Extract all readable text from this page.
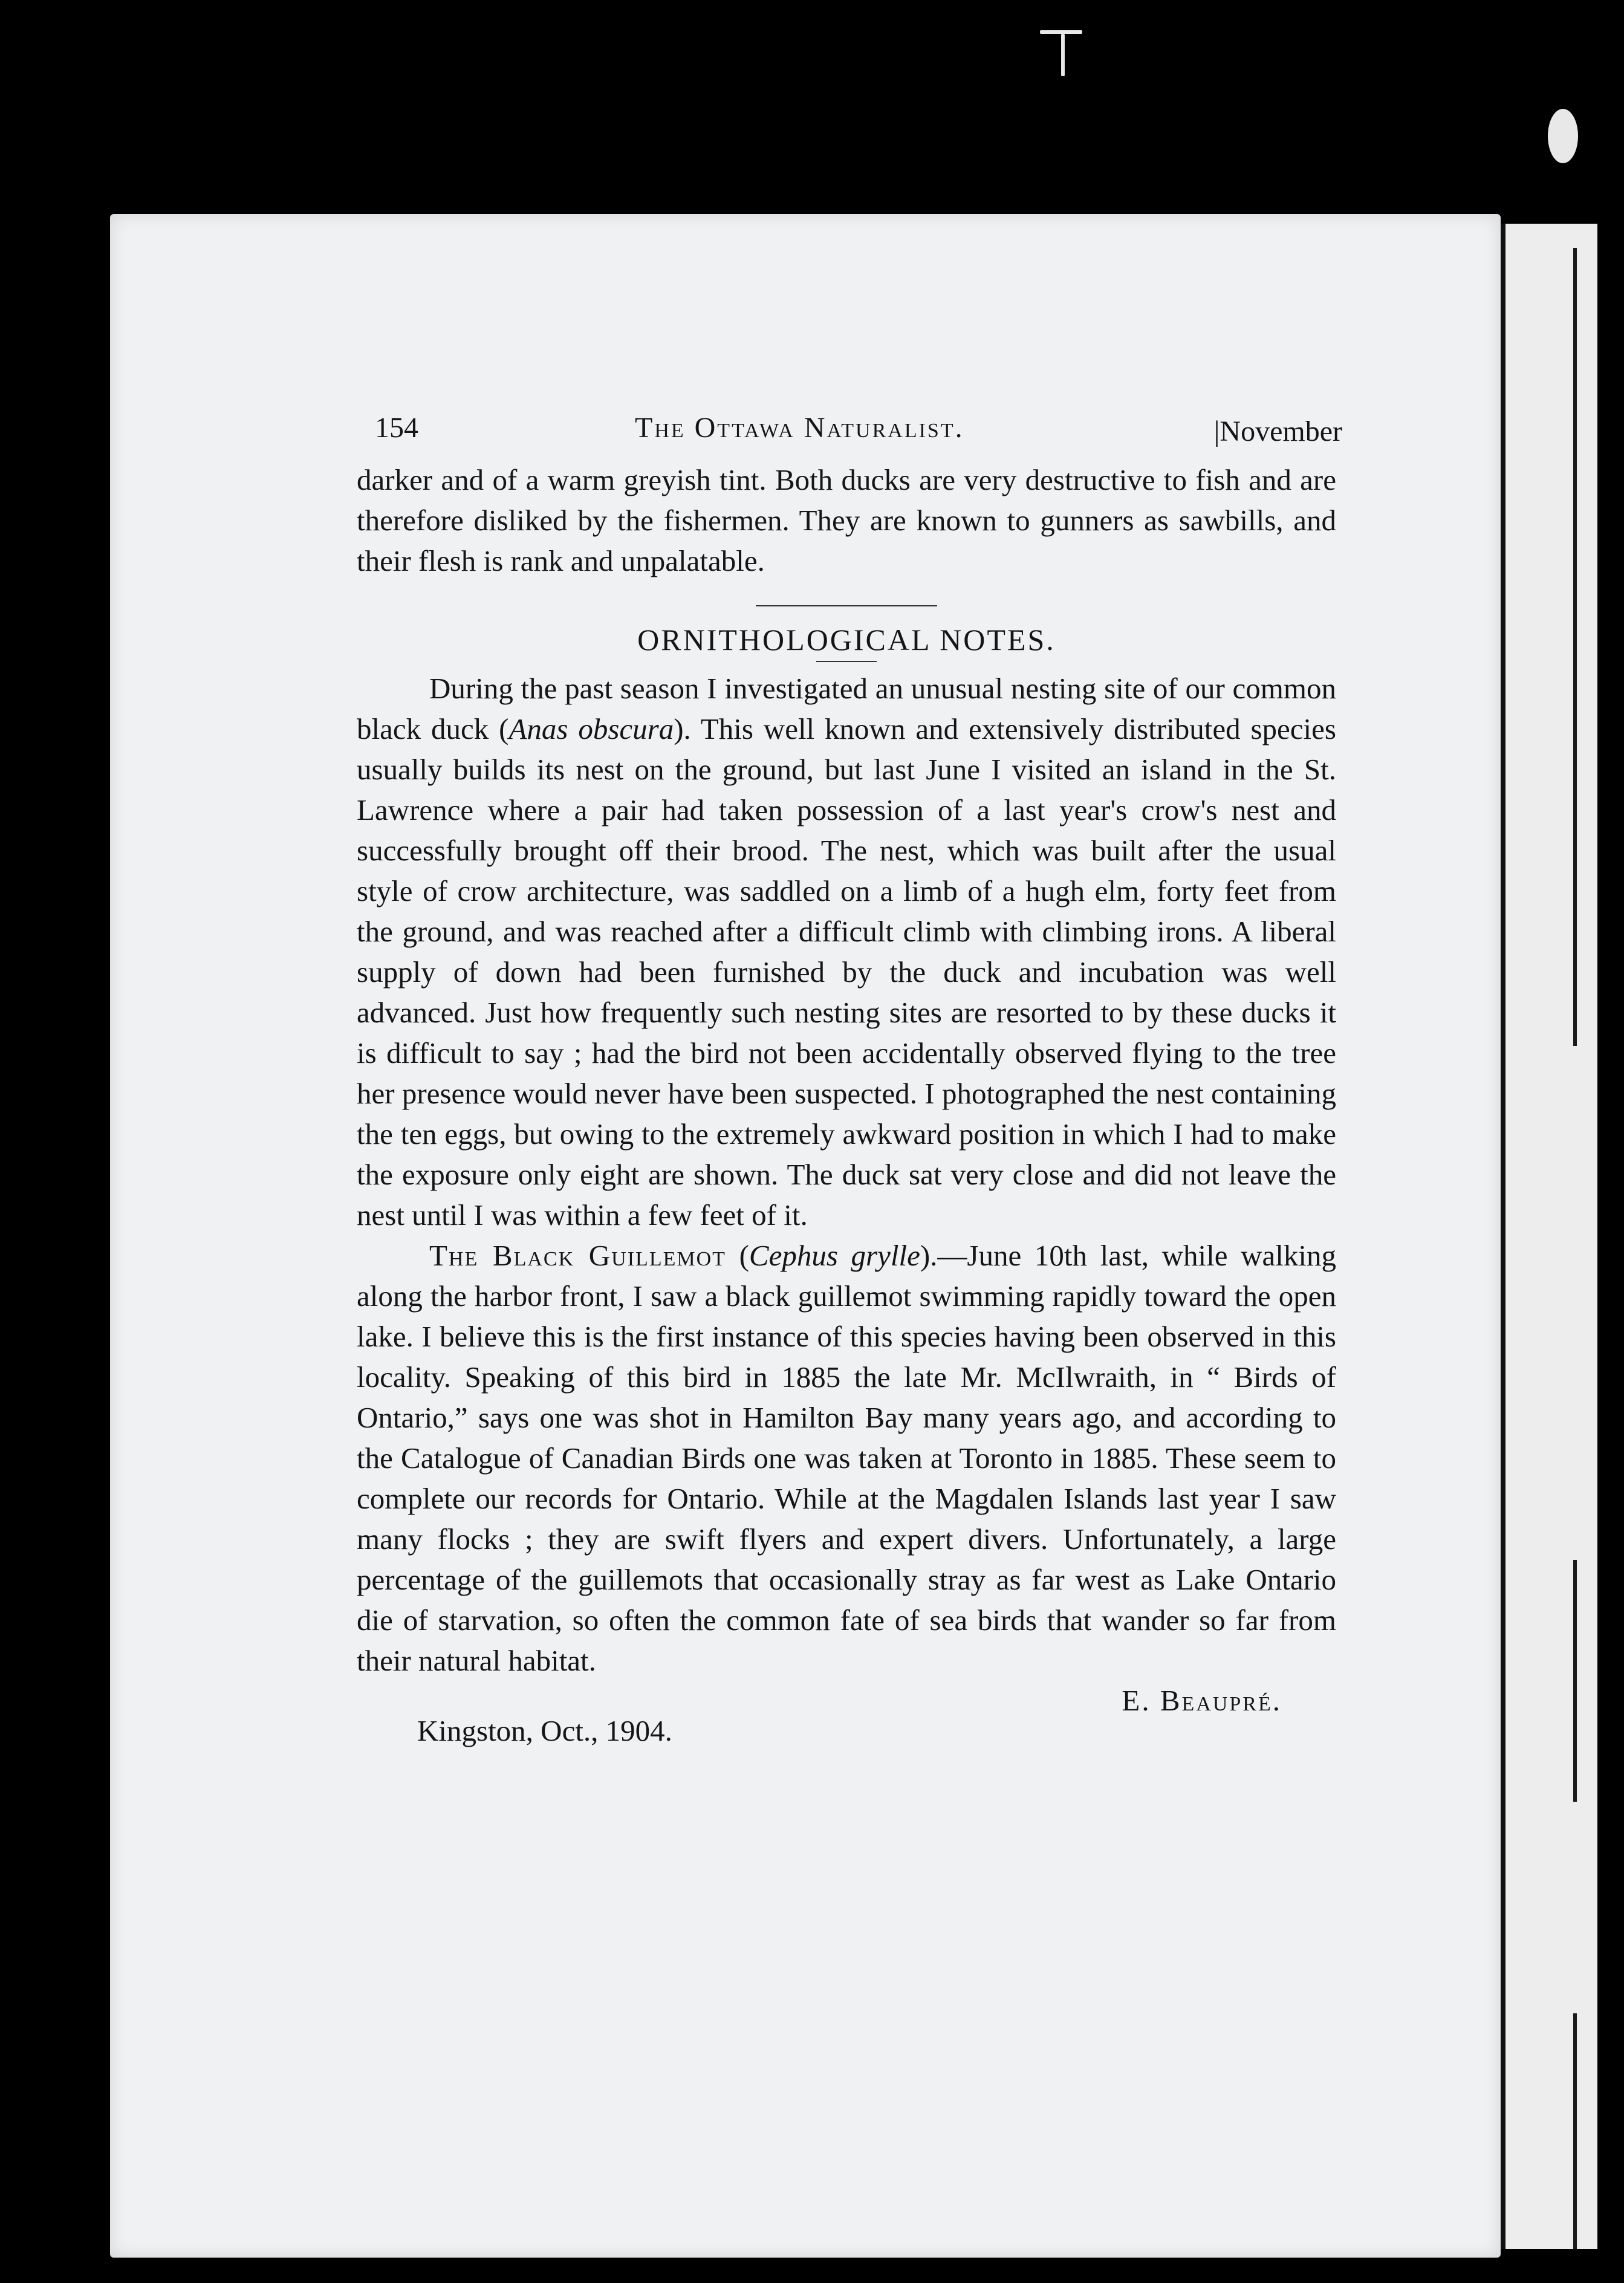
154	The Ottawa Naturalist.	|November

darker and of a warm greyish tint. Both ducks are very destructive to fish and are therefore disliked by the fishermen. They are known to gunners as sawbills, and their flesh is rank and unpalatable.

ORNITHOLOGICAL NOTES.

During the past season I investigated an unusual nesting site of our common black duck (Anas obscura). This well known and extensively distributed species usually builds its nest on the ground, but last June I visited an island in the St. Lawrence where a pair had taken possession of a last year's crow's nest and successfully brought off their brood. The nest, which was built after the usual style of crow architecture, was saddled on a limb of a hugh elm, forty feet from the ground, and was reached after a difficult climb with climbing irons. A liberal supply of down had been furnished by the duck and incubation was well advanced. Just how frequently such nesting sites are resorted to by these ducks it is difficult to say ; had the bird not been accidentally observed flying to the tree her presence would never have been suspected. I photographed the nest containing the ten eggs, but owing to the extremely awkward position in which I had to make the exposure only eight are shown. The duck sat very close and did not leave the nest until I was within a few feet of it.

The Black Guillemot (Cephus grylle).—June 10th last, while walking along the harbor front, I saw a black guillemot swimming rapidly toward the open lake. I believe this is the first instance of this species having been observed in this locality. Speaking of this bird in 1885 the late Mr. McIlwraith, in “ Birds of Ontario,” says one was shot in Hamilton Bay many years ago, and according to the Catalogue of Canadian Birds one was taken at Toronto in 1885. These seem to complete our records for Ontario. While at the Magdalen Islands last year I saw many flocks ; they are swift flyers and expert divers. Unfortunately, a large percentage of the guillemots that occasionally stray as far west as Lake Ontario die of starvation, so often the common fate of sea birds that wander so far from their natural habitat.

E. Beaupré.
Kingston, Oct., 1904.
